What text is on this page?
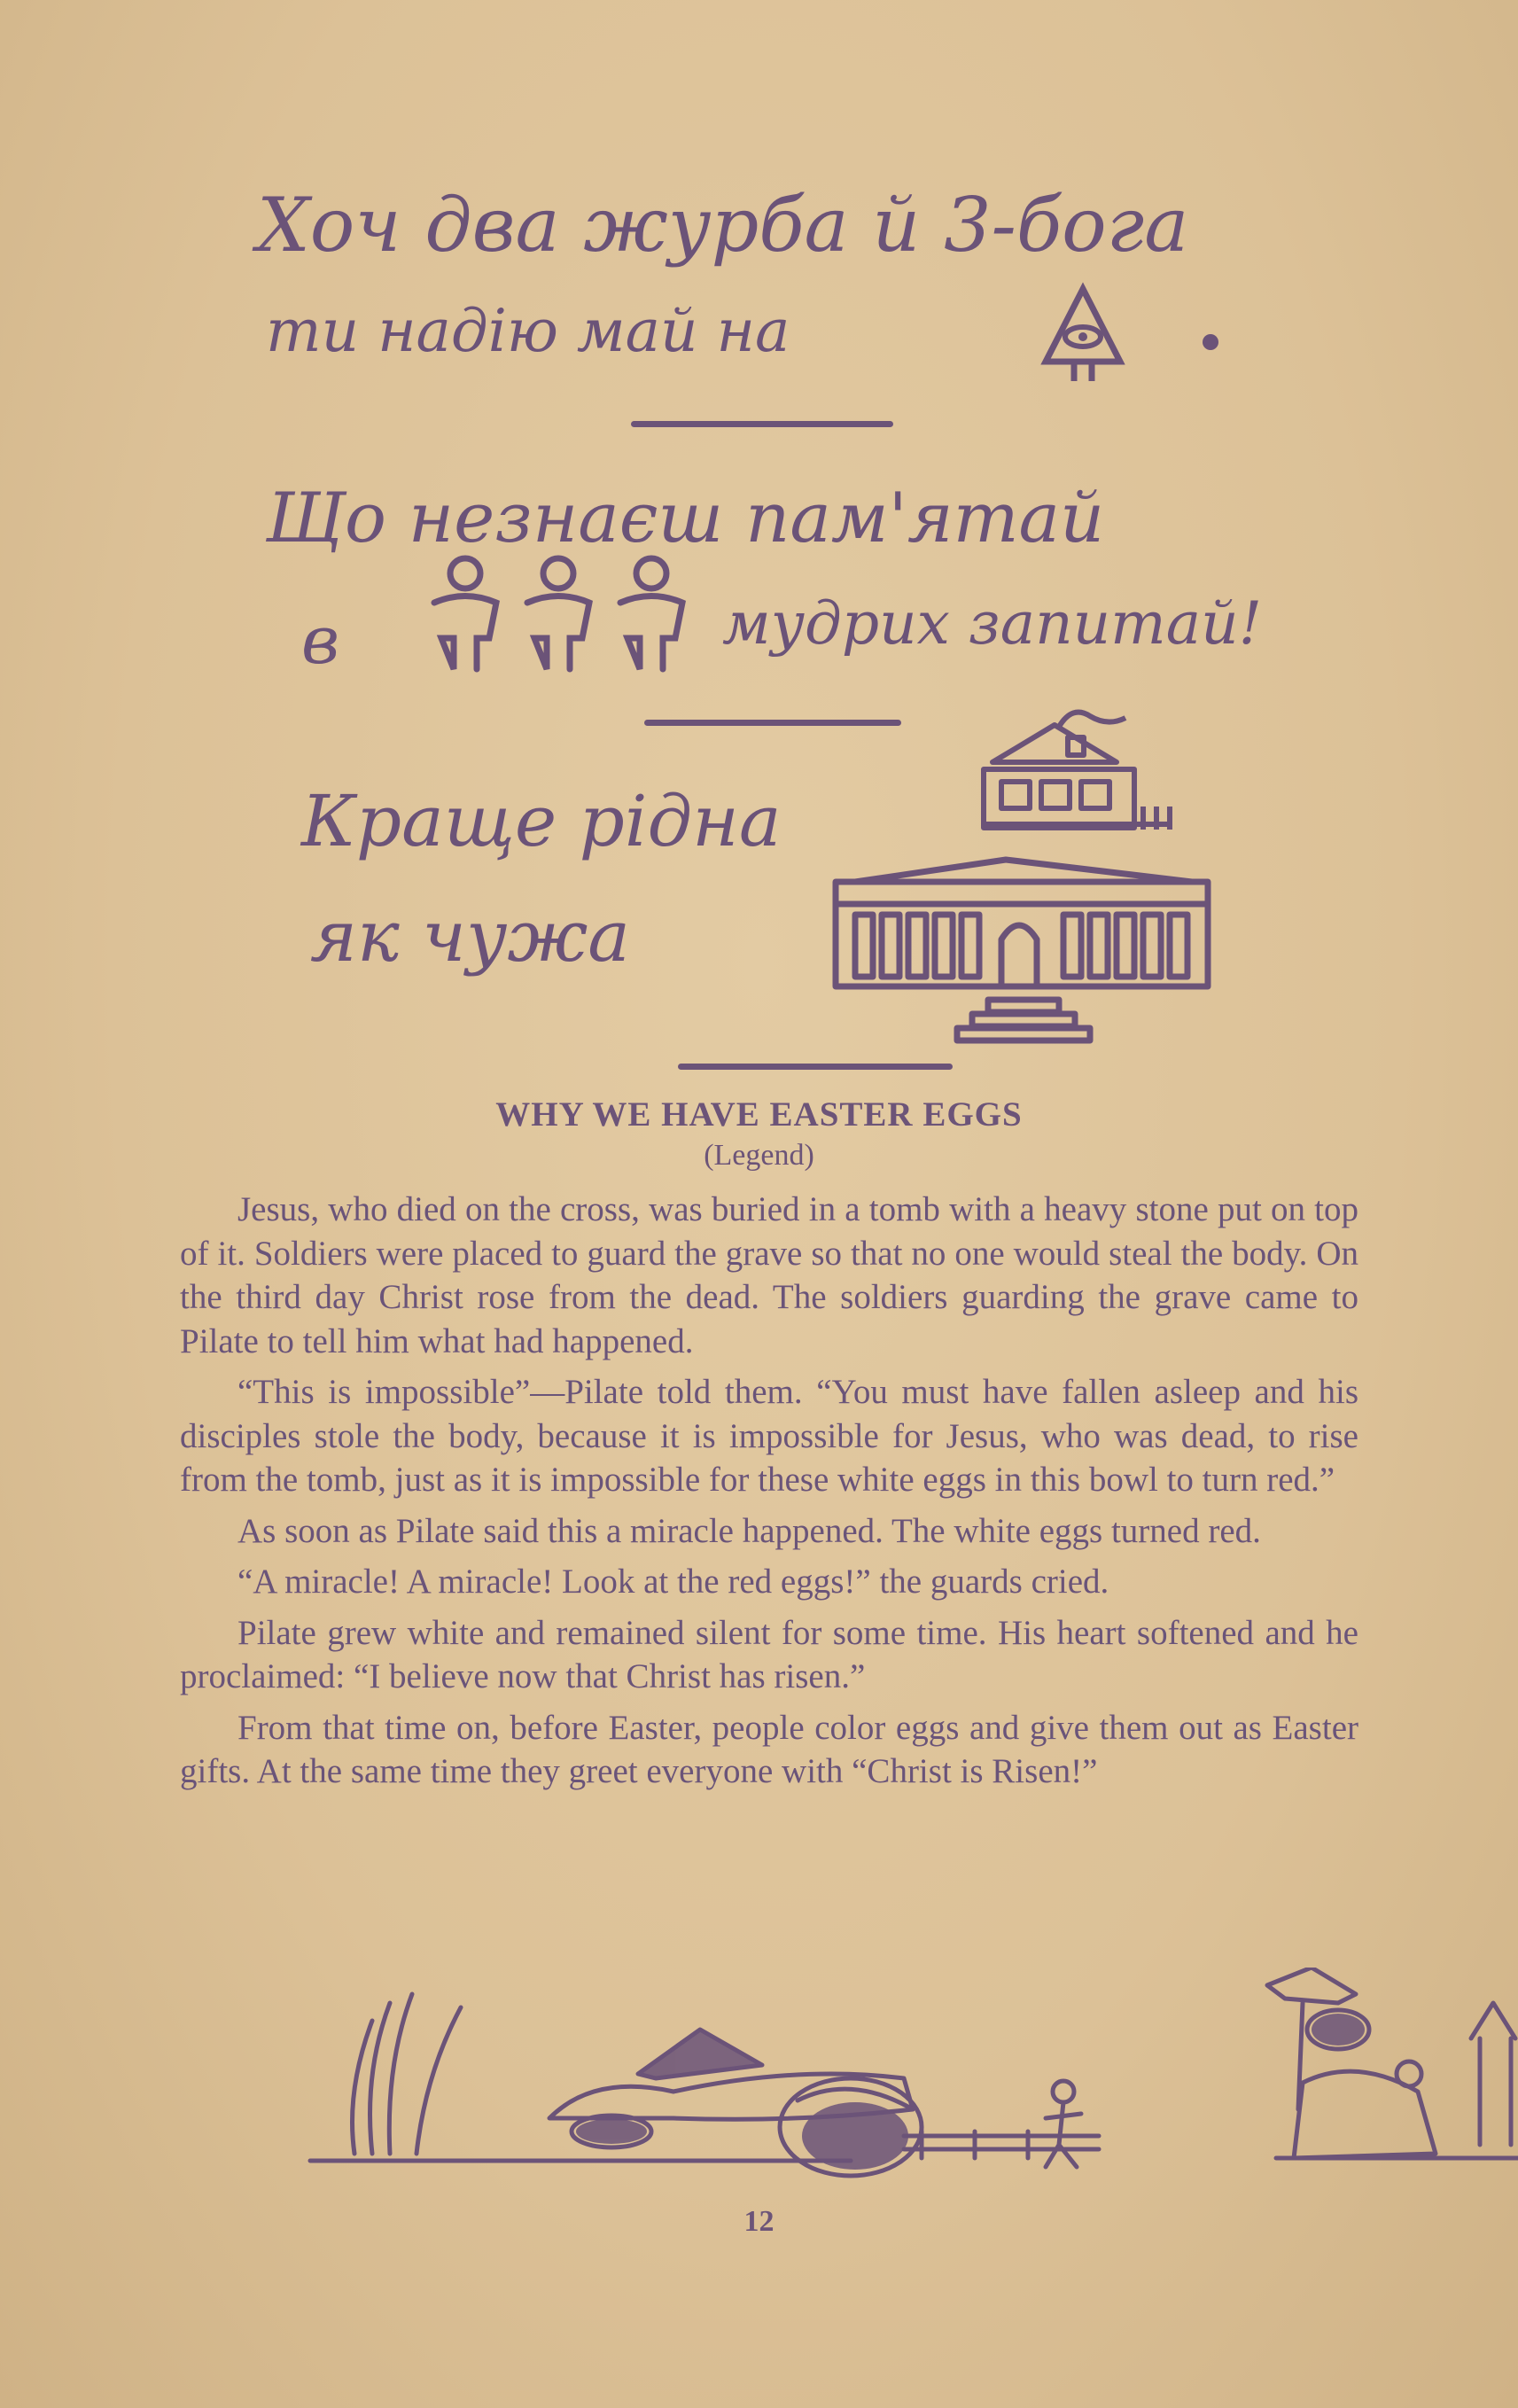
Хоч два журба й 3-бога
ти надію май на
Що незнаєш пам'ятай
в	мудрих запитай!
Краще рідна
як чужа
WHY WE HAVE EASTER EGGS
(Legend)

Jesus, who died on the cross, was buried in a tomb with a heavy stone put on top of it. Soldiers were placed to guard the grave so that no one would steal the body. On the third day Christ rose from the dead. The soldiers guarding the grave came to Pilate to tell him what had happened.

“This is impossible”—Pilate told them. “You must have fallen asleep and his disciples stole the body, because it is impossible for Jesus, who was dead, to rise from the tomb, just as it is impossible for these white eggs in this bowl to turn red.”

As soon as Pilate said this a miracle happened. The white eggs turned red.

“A miracle! A miracle! Look at the red eggs!” the guards cried.

Pilate grew white and remained silent for some time. His heart softened and he proclaimed: “I believe now that Christ has risen.”

From that time on, before Easter, people color eggs and give them out as Easter gifts. At the same time they greet everyone with “Christ is Risen!”

12
